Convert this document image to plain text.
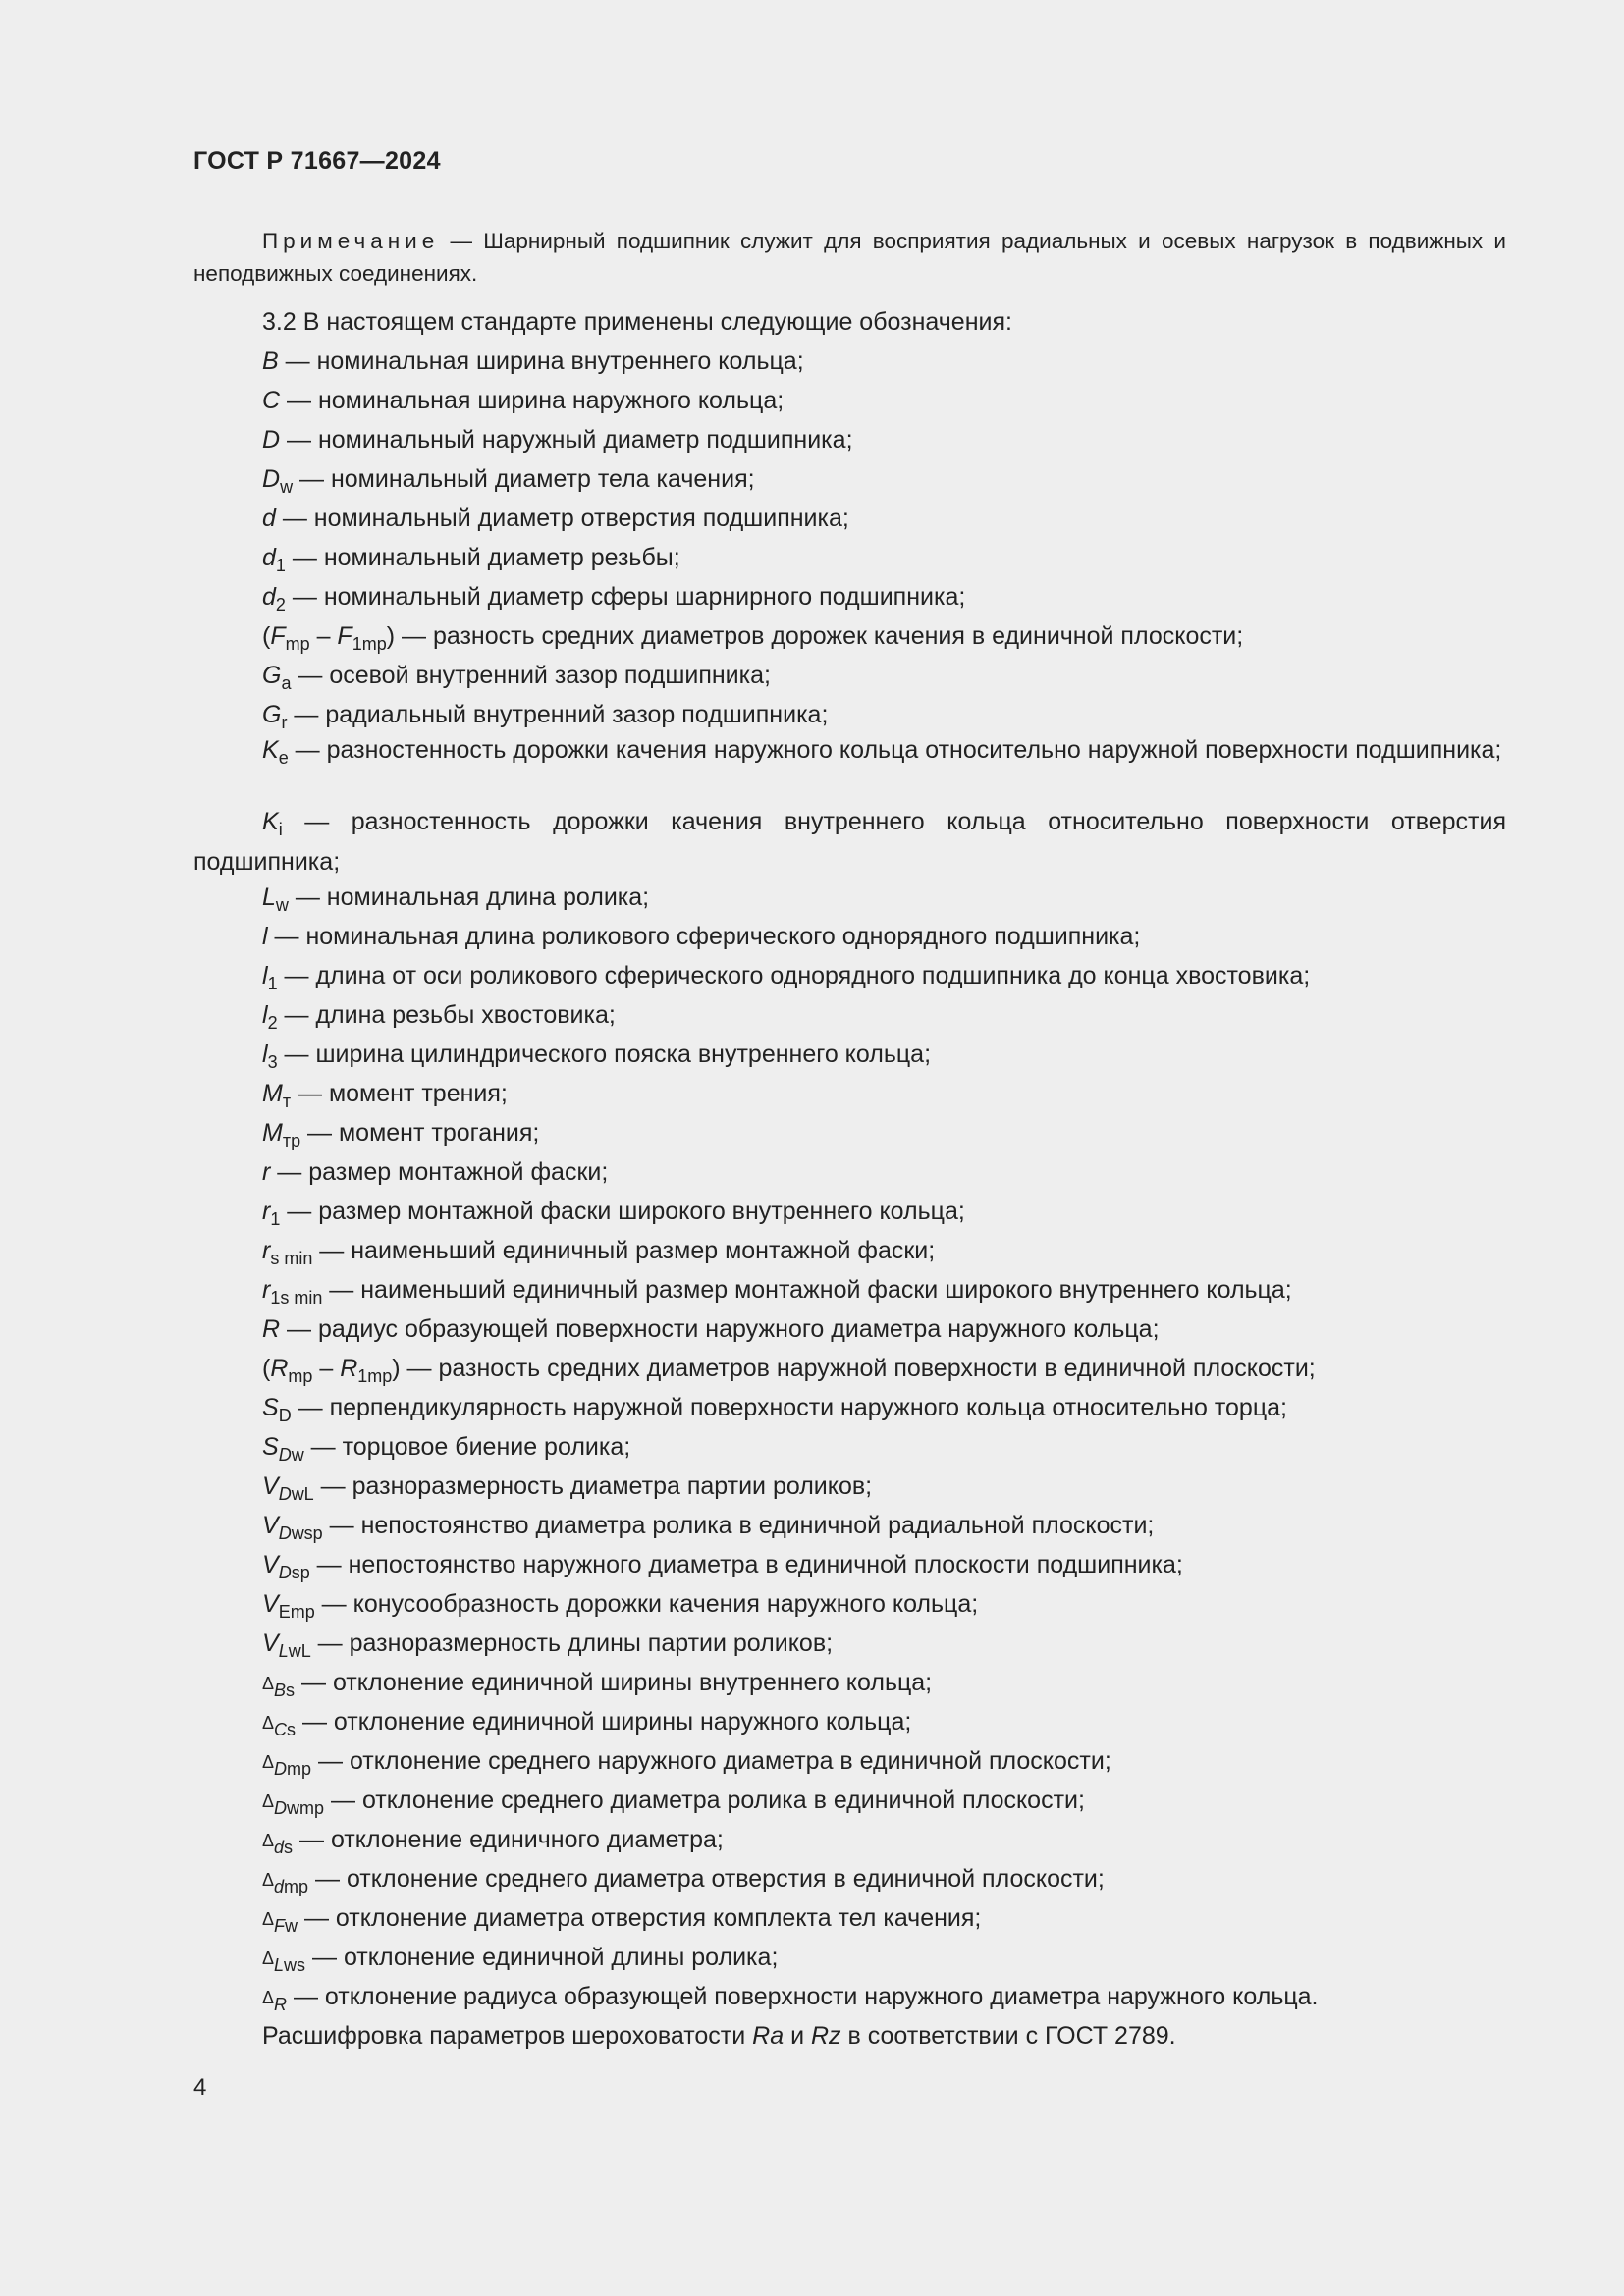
ГОСТ Р 71667—2024
Примечание — Шарнирный подшипник служит для восприятия радиальных и осевых нагрузок в подвижных и неподвижных соединениях.
3.2 В настоящем стандарте применены следующие обозначения:
B — номинальная ширина внутреннего кольца;
C — номинальная ширина наружного кольца;
D — номинальный наружный диаметр подшипника;
$D_w$ — номинальный диаметр тела качения;
d — номинальный диаметр отверстия подшипника;
$d_1$ — номинальный диаметр резьбы;
$d_2$ — номинальный диаметр сферы шарнирного подшипника;
$(F_{mp} - F_{1mp})$ — разность средних диаметров дорожек качения в единичной плоскости;
$G_a$ — осевой внутренний зазор подшипника;
$G_r$ — радиальный внутренний зазор подшипника;
$K_e$ — разностенность дорожки качения наружного кольца относительно наружной поверхности подшипника;
$K_i$ — разностенность дорожки качения внутреннего кольца относительно поверхности отверстия подшипника;
$L_w$ — номинальная длина ролика;
l — номинальная длина роликового сферического однорядного подшипника;
$l_1$ — длина от оси роликового сферического однорядного подшипника до конца хвостовика;
$l_2$ — длина резьбы хвостовика;
$l_3$ — ширина цилиндрического пояска внутреннего кольца;
$M_т$ — момент трения;
$M_{тр}$ — момент трогания;
r — размер монтажной фаски;
$r_1$ — размер монтажной фаски широкого внутреннего кольца;
$r_{s min}$ — наименьший единичный размер монтажной фаски;
$r_{1s min}$ — наименьший единичный размер монтажной фаски широкого внутреннего кольца;
R — радиус образующей поверхности наружного диаметра наружного кольца;
$(R_{mp} - R_{1mp})$ — разность средних диаметров наружной поверхности в единичной плоскости;
$S_D$ — перпендикулярность наружной поверхности наружного кольца относительно торца;
$S_{Dw}$ — торцовое биение ролика;
$V_{DwL}$ — разноразмерность диаметра партии роликов;
$V_{Dwsp}$ — непостоянство диаметра ролика в единичной радиальной плоскости;
$V_{Dsp}$ — непостоянство наружного диаметра в единичной плоскости подшипника;
$V_{Emp}$ — конусообразность дорожки качения наружного кольца;
$V_{LwL}$ — разноразмерность длины партии роликов;
$\Delta_{Bs}$ — отклонение единичной ширины внутреннего кольца;
$\Delta_{Cs}$ — отклонение единичной ширины наружного кольца;
$\Delta_{Dmp}$ — отклонение среднего наружного диаметра в единичной плоскости;
$\Delta_{Dwmp}$ — отклонение среднего диаметра ролика в единичной плоскости;
$\Delta_{ds}$ — отклонение единичного диаметра;
$\Delta_{dmp}$ — отклонение среднего диаметра отверстия в единичной плоскости;
$\Delta_{Fw}$ — отклонение диаметра отверстия комплекта тел качения;
$\Delta_{Lws}$ — отклонение единичной длины ролика;
$\Delta_R$ — отклонение радиуса образующей поверхности наружного диаметра наружного кольца.
Расшифровка параметров шероховатости Ra и Rz в соответствии с ГОСТ 2789.
4
